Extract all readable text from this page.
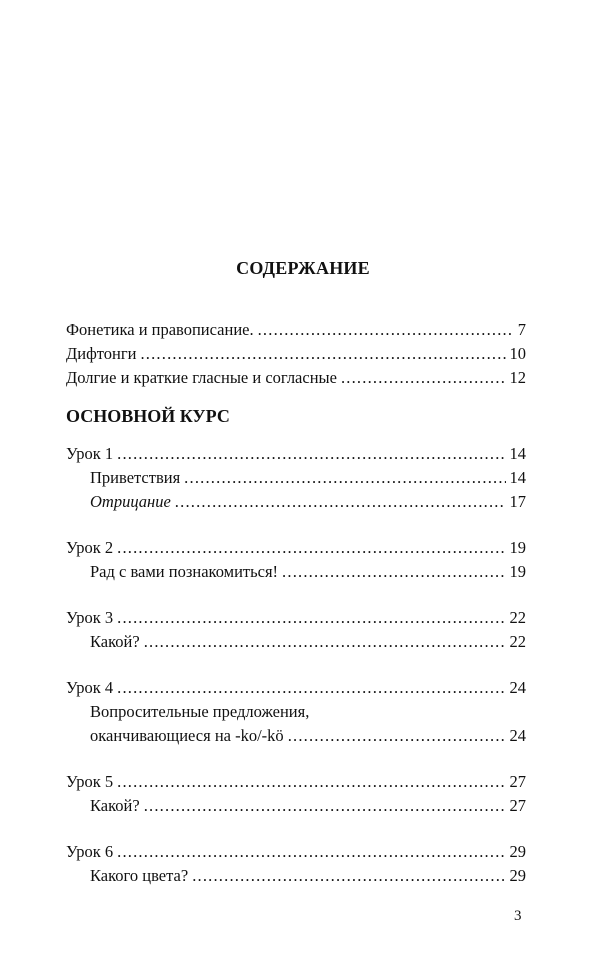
СОДЕРЖАНИЕ
Фонетика и правописание. .....	7
Дифтонги .....	10
Долгие и краткие гласные и согласные .....	12
ОСНОВНОЙ КУРС
Урок 1 .....	14
Приветствия .....	14
Отрицание .....	17
Урок 2 .....	19
Рад с вами познакомиться! .....	19
Урок 3 .....	22
Какой? .....	22
Урок 4 .....	24
Вопросительные предложения,
оканчивающиеся на -ko/-kö .....	24
Урок 5 .....	27
Какой? .....	27
Урок 6 .....	29
Какого цвета? .....	29
3
